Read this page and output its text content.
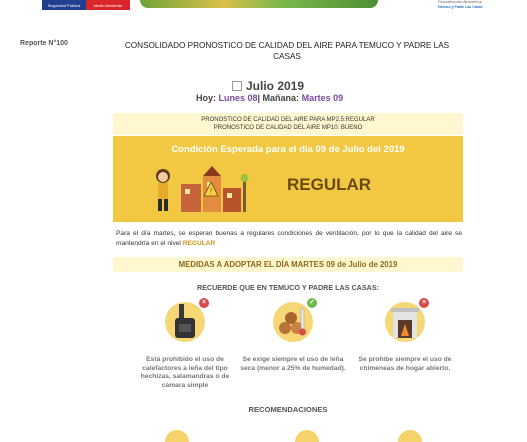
Seguridad Pública	Medio Ambiente
Reconstrucción Atmosférica
Temuco y Padre Las Casas
Reporte N°100	CONSOLIDADO PRONOSTICO DE CALIDAD DEL AIRE PARA TEMUCO Y PADRE LAS CASAS
Julio 2019
Hoy: Lunes 08| Mañana: Martes 09
PRONOSTICO DE CALIDAD DEL AIRE PARA MP2,5:REGULAR
PRONOSTICO DE CALIDAD DEL AIRE MP10: BUENO
Condición Esperada para el día 09 de Julio del 2019
!	REGULAR
Para el día martes, se esperan buenas a regulares condiciones de ventilación, por lo que la calidad del aire se mantendría en el nivel REGULAR
MEDIDAS A ADOPTAR EL DÍA MARTES 09 de Julio de 2019
RECUERDE QUE EN TEMUCO Y PADRE LAS CASAS:
×
Está prohibido el uso de calefactores a leña del tipo hechizas, salamandras o de cámara simple
✓
Se exige siempre el uso de leña seca (menor a 25% de humedad).
×
Se prohibe siempre el uso de chimeneas de hogar abierto.
RECOMENDACIONES
